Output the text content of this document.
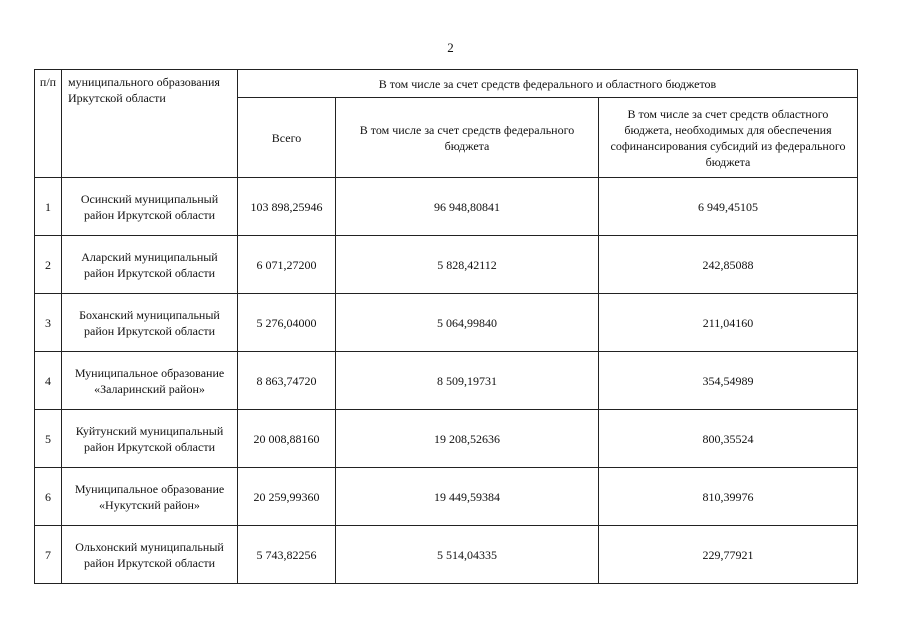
2
п/п	муниципального образования Иркутской области	В том числе за счет средств федерального и областного бюджетов		
		Всего	В том числе за счет средств федерального бюджета	В том числе за счет средств областного бюджета, необходимых для обеспечения софинансирования субсидий из федерального бюджета
1	Осинский муниципальный район Иркутской области	103 898,25946	96 948,80841	6 949,45105
2	Аларский муниципальный район Иркутской области	6 071,27200	5 828,42112	242,85088
3	Боханский муниципальный район Иркутской области	5 276,04000	5 064,99840	211,04160
4	Муниципальное образование «Заларинский район»	8 863,74720	8 509,19731	354,54989
5	Куйтунский муниципальный район Иркутской области	20 008,88160	19 208,52636	800,35524
6	Муниципальное образование «Нукутский район»	20 259,99360	19 449,59384	810,39976
7	Ольхонский муниципальный район Иркутской области	5 743,82256	5 514,04335	229,77921
